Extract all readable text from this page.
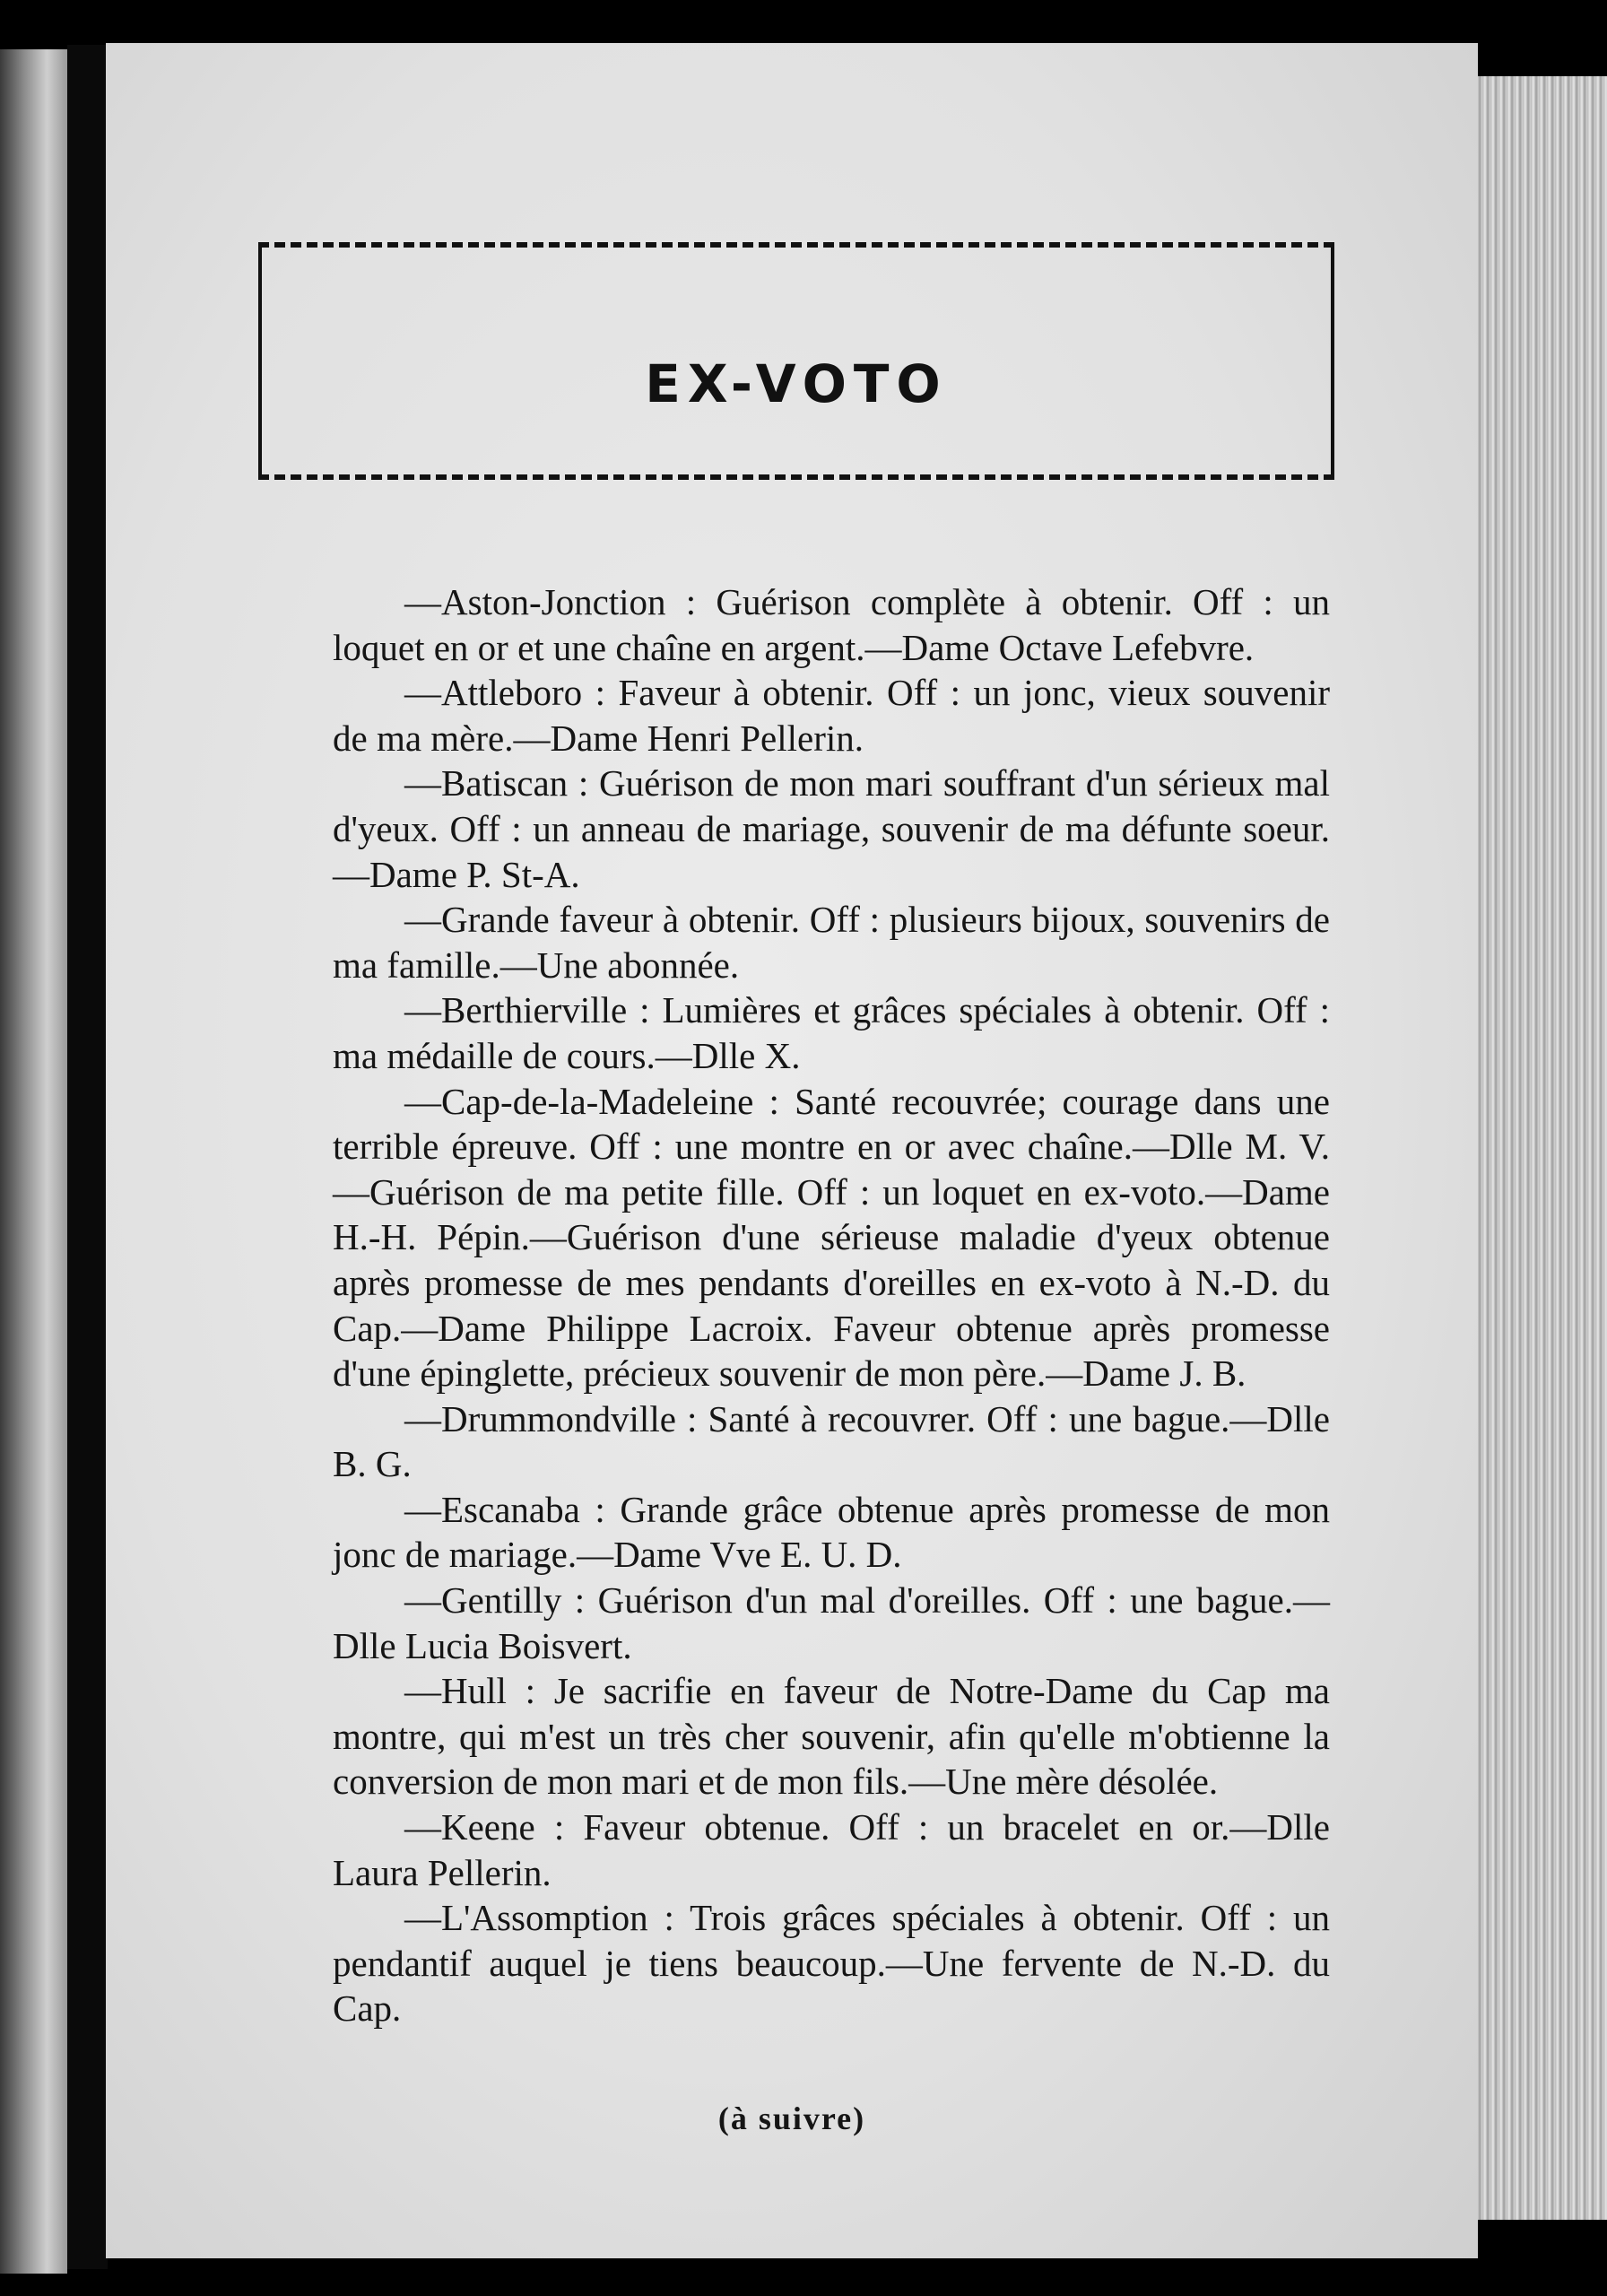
EX-VOTO

—Aston-Jonction : Guérison complète à obtenir. Off : un loquet en or et une chaîne en argent.—Dame Octave Lefebvre.

—Attleboro : Faveur à obtenir. Off : un jonc, vieux souvenir de ma mère.—Dame Henri Pellerin.

—Batiscan : Guérison de mon mari souffrant d'un sérieux mal d'yeux. Off : un anneau de mariage, souvenir de ma défunte soeur.—Dame P. St-A.

—Grande faveur à obtenir. Off : plusieurs bijoux, souvenirs de ma famille.—Une abonnée.

—Berthierville : Lumières et grâces spéciales à obtenir. Off : ma médaille de cours.—Dlle X.

—Cap-de-la-Madeleine : Santé recouvrée; courage dans une terrible épreuve. Off : une montre en or avec chaîne.—Dlle M. V.—Guérison de ma petite fille. Off : un loquet en ex-voto.—Dame H.-H. Pépin.—Guérison d'une sérieuse maladie d'yeux obtenue après promesse de mes pendants d'oreilles en ex-voto à N.-D. du Cap.—Dame Philippe Lacroix. Faveur obtenue après promesse d'une épinglette, précieux souvenir de mon père.—Dame J. B.

—Drummondville : Santé à recouvrer. Off : une bague.—Dlle B. G.

—Escanaba : Grande grâce obtenue après promesse de mon jonc de mariage.—Dame Vve E. U. D.

—Gentilly : Guérison d'un mal d'oreilles. Off : une bague.—Dlle Lucia Boisvert.

—Hull : Je sacrifie en faveur de Notre-Dame du Cap ma montre, qui m'est un très cher souvenir, afin qu'elle m'obtienne la conversion de mon mari et de mon fils.—Une mère désolée.

—Keene : Faveur obtenue. Off : un bracelet en or.—Dlle Laura Pellerin.

—L'Assomption : Trois grâces spéciales à obtenir. Off : un pendantif auquel je tiens beaucoup.—Une fervente de N.-D. du Cap.

(à suivre)
